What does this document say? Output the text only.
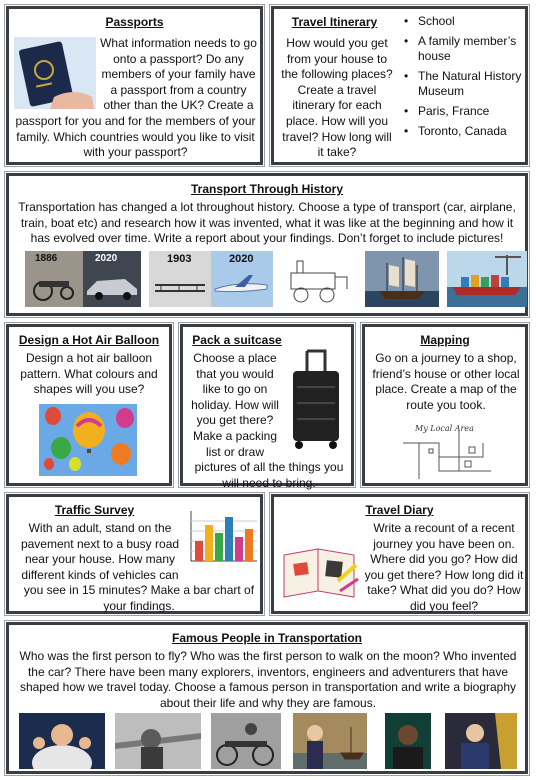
Passports
What information needs to go onto a passport? Do any members of your family have a passport from a country other than the UK? Create a passport for you and for the members of your family. Which countries would you like to visit with your passport?
Travel Itinerary
How would you get from your house to the following places? Create a travel itinerary for each place. How will you travel? How long will it take?
• School
• A family member’s house
• The Natural History Museum
• Paris, France
• Toronto, Canada
Transport Through History
Transportation has changed a lot throughout history. Choose a type of transport (car, airplane, train, boat etc) and research how it was invented, what it was like at the beginning and how it has evolved over time. Write a report about your findings. Don’t forget to include pictures!
1886	2020	1903	2020
Design a Hot Air Balloon
Design a hot air balloon pattern. What colours and shapes will you use?
Pack a suitcase
Choose a place that you would like to go on holiday. How will you get there? Make a packing list or draw pictures of all the things you will need to bring.
Mapping
Go on a journey to a shop, friend’s house or other local place. Create a map of the route you took.
My Local Area
Traffic Survey
With an adult, stand on the pavement next to a busy road near your house. How many different kinds of vehicles can you see in 15 minutes? Make a bar chart of your findings.
Travel Diary
Write a recount of a recent journey you have been on. Where did you go? How did you get there? How long did it take? What did you do? How did you feel?
Famous People in Transportation
Who was the first person to fly? Who was the first person to walk on the moon? Who invented the car? There have been many explorers, inventors, engineers and adventurers that have shaped how we travel today. Choose a famous person in transportation and write a biography about their life and why they are famous.
